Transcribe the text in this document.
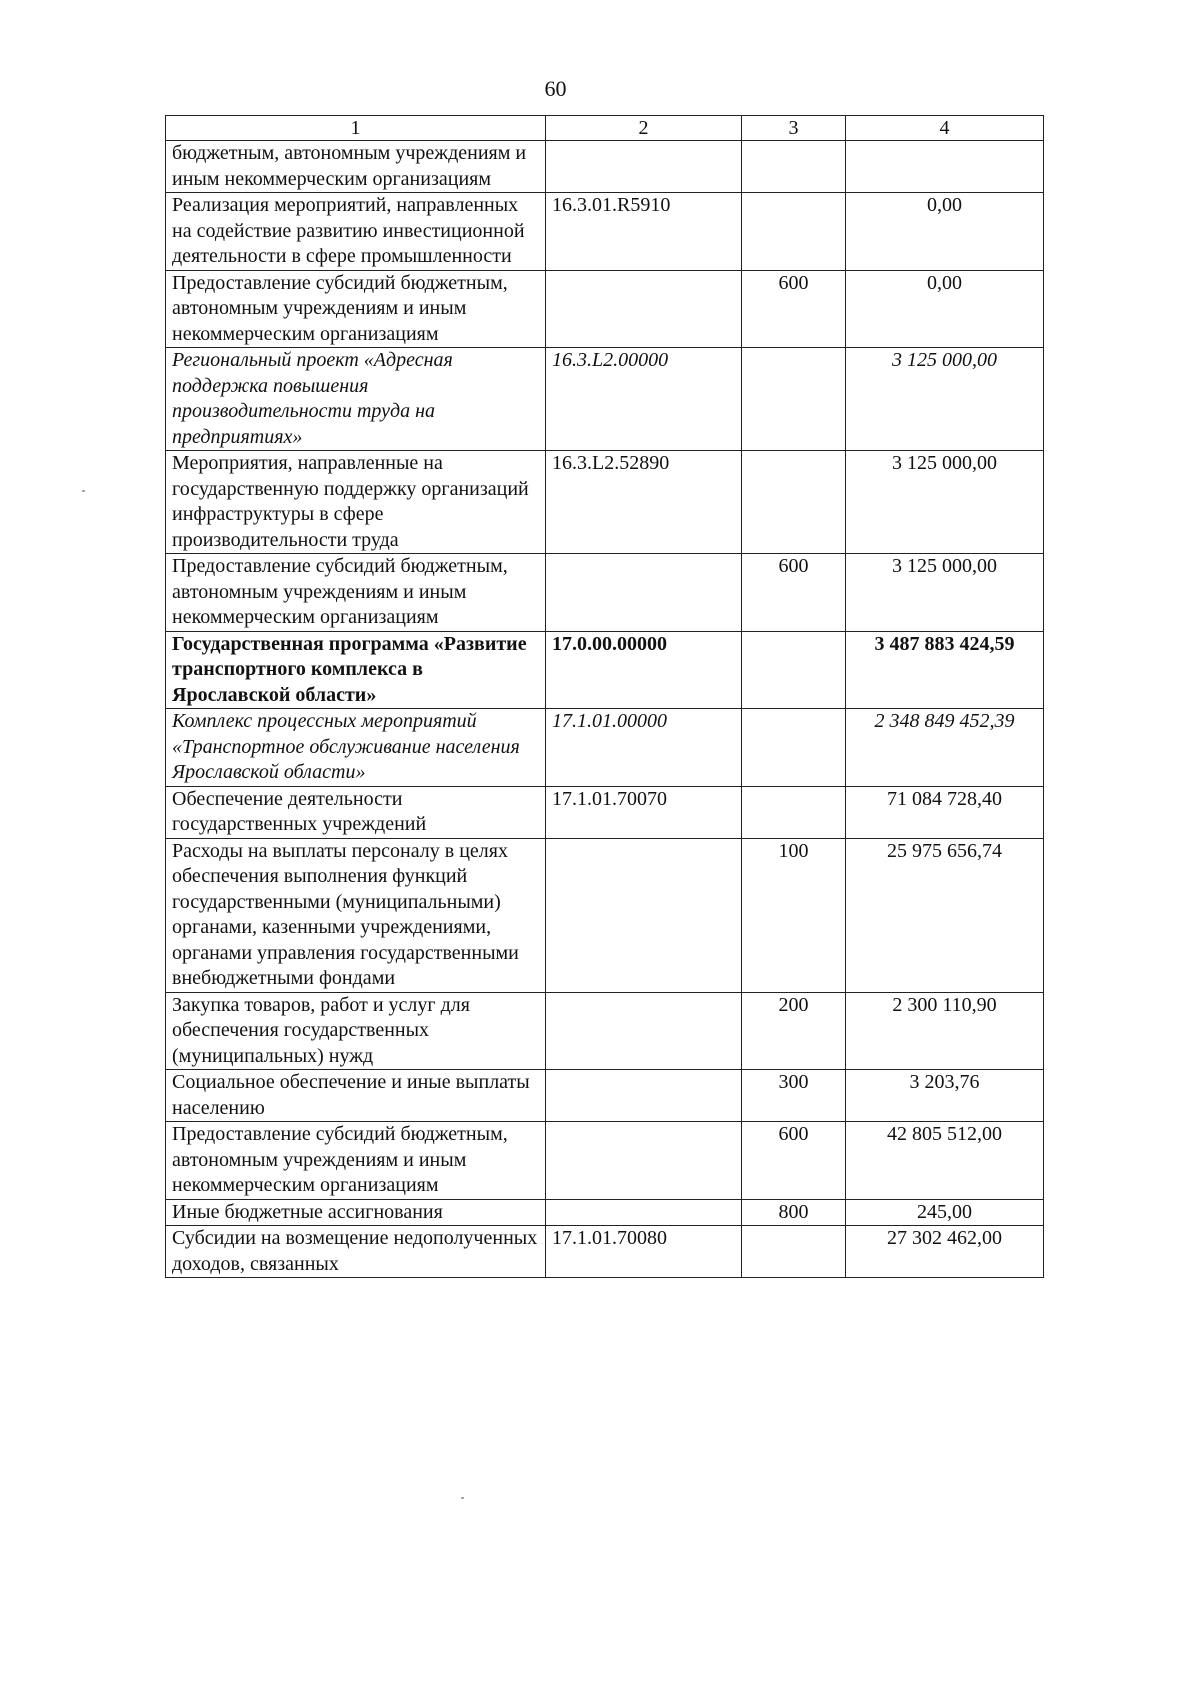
60
1	2	3	4
бюджетным, автономным учреждениям и иным некоммерческим организациям			
Реализация мероприятий, направленных на содействие развитию инвестиционной деятельности в сфере промышленности	16.3.01.R5910		0,00
Предоставление субсидий бюджетным, автономным учреждениям и иным некоммерческим организациям		600	0,00
Региональный проект «Адресная поддержка повышения производительности труда на предприятиях»	16.3.L2.00000		3 125 000,00
Мероприятия, направленные на государственную поддержку организаций инфраструктуры в сфере производительности труда	16.3.L2.52890		3 125 000,00
Предоставление субсидий бюджетным, автономным учреждениям и иным некоммерческим организациям		600	3 125 000,00
Государственная программа «Развитие транспортного комплекса в Ярославской области»	17.0.00.00000		3 487 883 424,59
Комплекс процессных мероприятий «Транспортное обслуживание населения Ярославской области»	17.1.01.00000		2 348 849 452,39
Обеспечение деятельности государственных учреждений	17.1.01.70070		71 084 728,40
Расходы на выплаты персоналу в целях обеспечения выполнения функций государственными (муниципальными) органами, казенными учреждениями, органами управления государственными внебюджетными фондами		100	25 975 656,74
Закупка товаров, работ и услуг для обеспечения государственных (муниципальных) нужд		200	2 300 110,90
Социальное обеспечение и иные выплаты населению		300	3 203,76
Предоставление субсидий бюджетным, автономным учреждениям и иным некоммерческим организациям		600	42 805 512,00
Иные бюджетные ассигнования		800	245,00
Субсидии на возмещение недополученных доходов, связанных	17.1.01.70080		27 302 462,00
